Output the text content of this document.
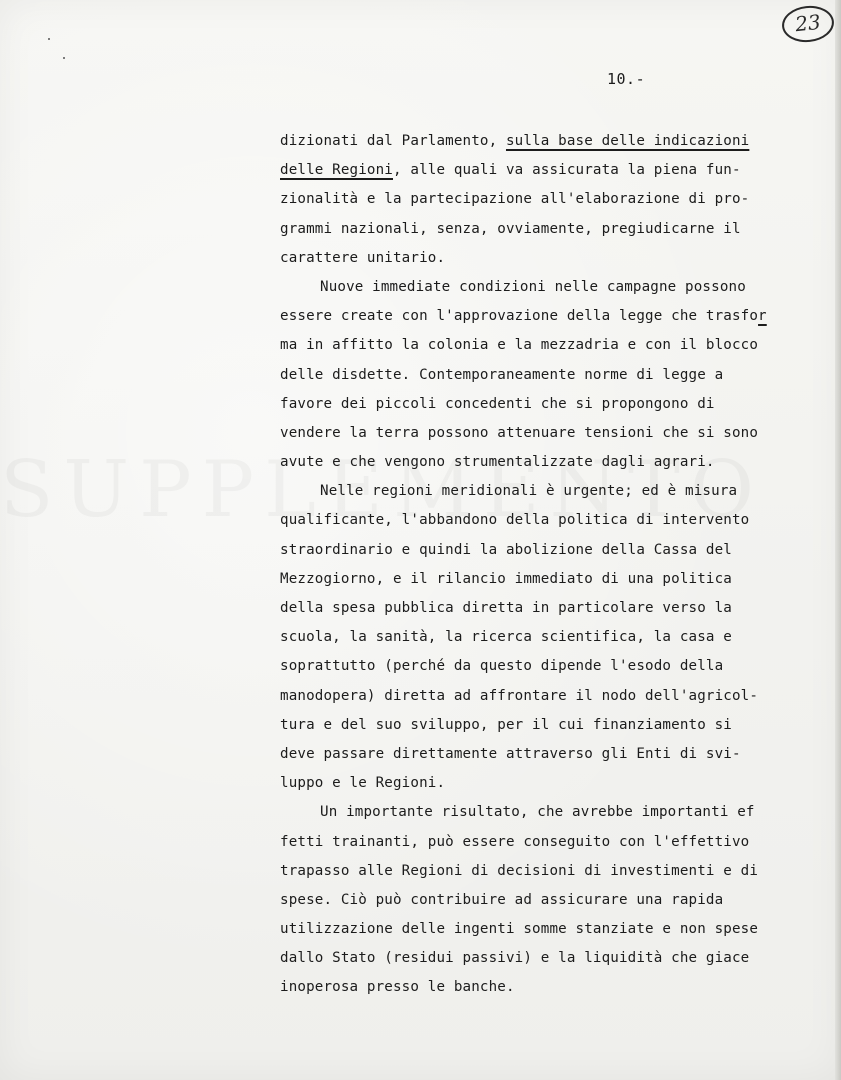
23
10.-
dizionati dal Parlamento, sulla base delle indicazioni
delle Regioni, alle quali va assicurata la piena fun-
zionalità e la partecipazione all'elaborazione di pro-
grammi nazionali, senza, ovviamente, pregiudicarne il
carattere unitario.
Nuove immediate condizioni nelle campagne possono
essere create con l'approvazione della legge che trasfor
ma in affitto la colonia e la mezzadria e con il blocco
delle disdette. Contemporaneamente norme di legge a
favore dei piccoli concedenti che si propongono di
vendere la terra possono attenuare tensioni che si sono
avute e che vengono strumentalizzate dagli agrari.
Nelle regioni meridionali è urgente; ed è misura
qualificante, l'abbandono della politica di intervento
straordinario e quindi la abolizione della Cassa del
Mezzogiorno, e il rilancio immediato di una politica
della spesa pubblica diretta in particolare verso la
scuola, la sanità, la ricerca scientifica, la casa e
soprattutto (perché da questo dipende l'esodo della
manodopera) diretta ad affrontare il nodo dell'agricol-
tura e del suo sviluppo, per il cui finanziamento si
deve passare direttamente attraverso gli Enti di svi-
luppo e le Regioni.
Un importante risultato, che avrebbe importanti ef
fetti trainanti, può essere conseguito con l'effettivo
trapasso alle Regioni di decisioni di investimenti e di
spese. Ciò può contribuire ad assicurare una rapida
utilizzazione delle ingenti somme stanziate e non spese
dallo Stato (residui passivi) e la liquidità che giace
inoperosa presso le banche.
